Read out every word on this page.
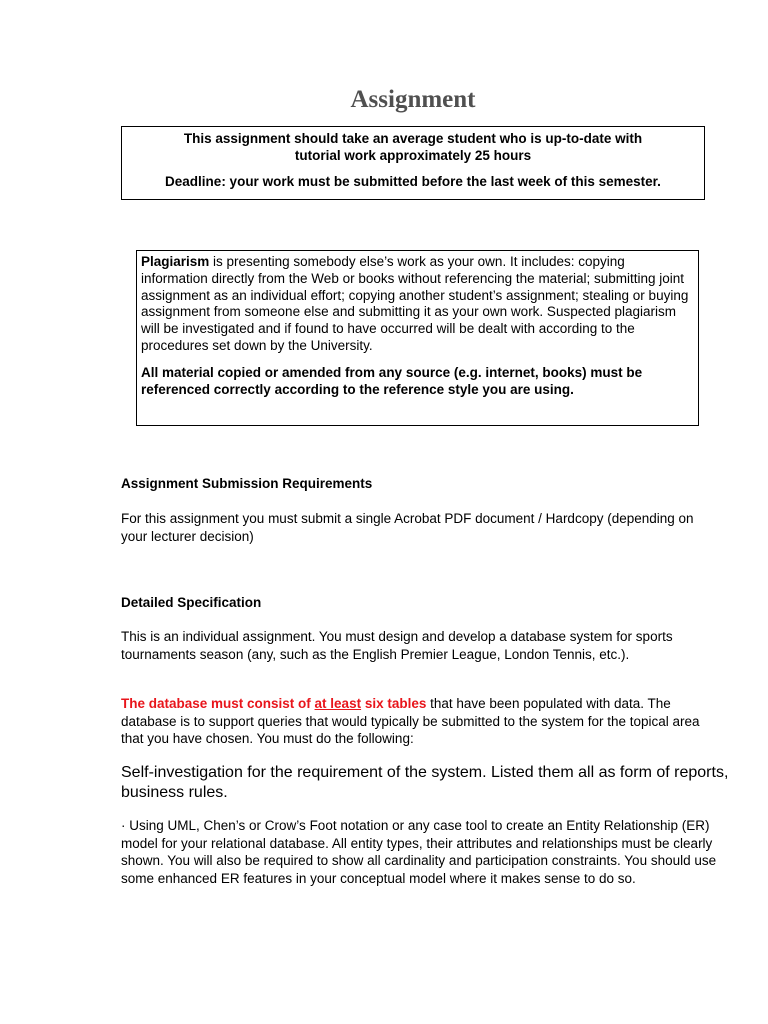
Assignment

This assignment should take an average student who is up-to-date with

tutorial work approximately 25 hours

Deadline: your work must be submitted before the last week of this semester.

Plagiarism is presenting somebody else’s work as your own. It includes: copying information directly from the Web or books without referencing the material; submitting joint assignment as an individual effort; copying another student’s assignment; stealing or buying assignment from someone else and submitting it as your own work. Suspected plagiarism will be investigated and if found to have occurred will be dealt with according to the procedures set down by the University.

All material copied or amended from any source (e.g. internet, books) must be referenced correctly according to the reference style you are using.

Assignment Submission Requirements

For this assignment you must submit a single Acrobat PDF document / Hardcopy (depending on your lecturer decision)

Detailed Specification

This is an individual assignment. You must design and develop a database system for sports tournaments season (any, such as the English Premier League, London Tennis, etc.).

The database must consist of at least six tables that have been populated with data. The database is to support queries that would typically be submitted to the system for the topical area that you have chosen. You must do the following:

Self-investigation for the requirement of the system. Listed them all as form of reports, business rules.

· Using UML, Chen’s or Crow’s Foot notation or any case tool to create an Entity Relationship (ER) model for your relational database. All entity types, their attributes and relationships must be clearly shown. You will also be required to show all cardinality and participation constraints. You should use some enhanced ER features in your conceptual model where it makes sense to do so.
